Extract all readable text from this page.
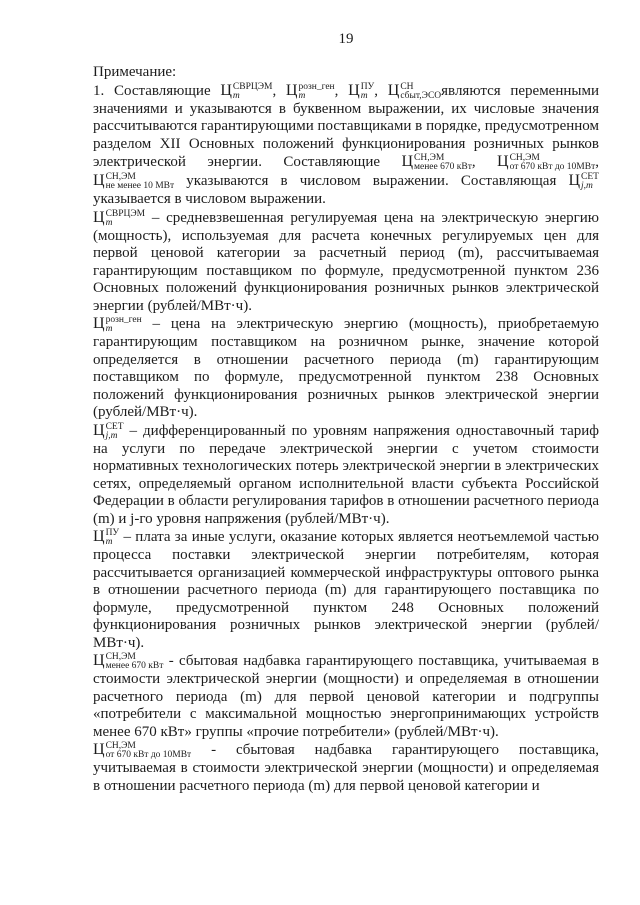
19

Примечание:

1. Составляющие Ц СВРЦЭМ
m	, Ц розн_ген
m	, Ц ПУ
m , Ц СН
сбыт,ЭСО являются переменными значениями и указываются в буквенном выражении, их числовые значения рассчитываются гарантирующими поставщиками в порядке, предусмотренном разделом XII Основных положений функционирования розничных рынков электрической энергии. Составляющие Ц СН,ЭМ
менее 670 кВт , Ц СН,ЭМ
от 670 кВт до 10МВт , Ц СН,ЭМ
не менее 10 МВт указываются в числовом выражении. Составляющая Ц СЕТ
j,m
указывается в числовом выражении.

Ц СВРЦЭМ
m	– средневзвешенная регулируемая цена на электрическую энергию (мощность), используемая для расчета конечных регулируемых цен для первой ценовой категории за расчетный период (m), рассчитываемая гарантирующим поставщиком по формуле, предусмотренной пунктом 236 Основных положений функционирования розничных рынков электрической энергии (рублей/МВт·ч).

Ц розн_ген
m	– цена на электрическую энергию (мощность), приобретаемую гарантирующим поставщиком на розничном рынке, значение которой определяется в отношении расчетного периода (m) гарантирующим поставщиком по формуле, предусмотренной пунктом 238 Основных положений функционирования розничных рынков электрической энергии (рублей/МВт·ч).

Ц СЕТ
j,m – дифференцированный по уровням напряжения одноставочный тариф на услуги по передаче электрической энергии с учетом стоимости нормативных технологических потерь электрической энергии в электрических сетях, определяемый органом исполнительной власти субъекта Российской Федерации в области регулирования тарифов в отношении расчетного периода (m) и j-го уровня напряжения (рублей/МВт·ч).

Ц ПУ
m – плата за иные услуги, оказание которых является неотъемлемой частью процесса поставки электрической энергии потребителям, которая рассчитывается организацией коммерческой инфраструктуры оптового рынка в отношении расчетного периода (m) для гарантирующего поставщика по формуле, предусмотренной пунктом 248 Основных положений функционирования розничных рынков электрической энергии (рублей/МВт·ч).

Ц СН,ЭМ
менее 670 кВт - сбытовая надбавка гарантирующего поставщика, учитываемая в стоимости электрической энергии (мощности) и определяемая в отношении расчетного периода (m) для первой ценовой категории и подгруппы «потребители с максимальной мощностью энергопринимающих устройств менее 670 кВт» группы «прочие потребители» (рублей/МВт·ч).

Ц СН,ЭМ
от 670 кВт до 10МВт - сбытовая надбавка гарантирующего поставщика, учитываемая в стоимости электрической энергии (мощности) и определяемая в отношении расчетного периода (m) для первой ценовой категории и
